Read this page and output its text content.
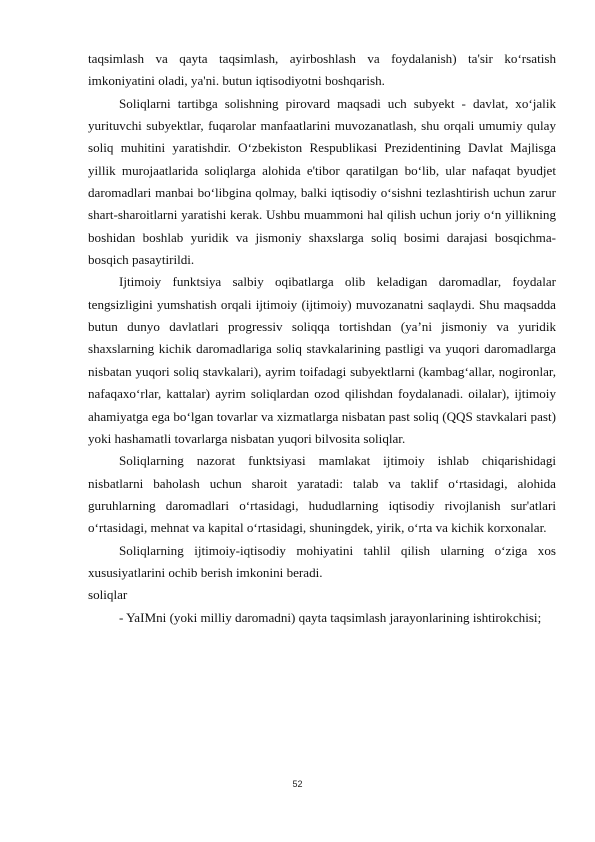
taqsimlash va qayta taqsimlash, ayirboshlash va foydalanish) ta'sir ko‘rsatish imkoniyatini oladi, ya'ni. butun iqtisodiyotni boshqarish.

Soliqlarni tartibga solishning pirovard maqsadi uch subyekt - davlat, xo‘jalik yurituvchi subyektlar, fuqarolar manfaatlarini muvozanatlash, shu orqali umumiy qulay soliq muhitini yaratishdir. O‘zbekiston Respublikasi Prezidentining Davlat Majlisga yillik murojaatlarida soliqlarga alohida e'tibor qaratilgan bo‘lib, ular nafaqat byudjet daromadlari manbai bo‘libgina qolmay, balki iqtisodiy o‘sishni tezlashtirish uchun zarur shart-sharoitlarni yaratishi kerak. Ushbu muammoni hal qilish uchun joriy o‘n yillikning boshidan boshlab yuridik va jismoniy shaxslarga soliq bosimi darajasi bosqichma-bosqich pasaytirildi.

Ijtimoiy funktsiya salbiy oqibatlarga olib keladigan daromadlar, foydalar tengsizligini yumshatish orqali ijtimoiy (ijtimoiy) muvozanatni saqlaydi. Shu maqsadda butun dunyo davlatlari progressiv soliqqa tortishdan (ya’ni jismoniy va yuridik shaxslarning kichik daromadlariga soliq stavkalarining pastligi va yuqori daromadlarga nisbatan yuqori soliq stavkalari), ayrim toifadagi subyektlarni (kambag‘allar, nogironlar, nafaqaxo‘rlar, kattalar) ayrim soliqlardan ozod qilishdan foydalanadi. oilalar), ijtimoiy ahamiyatga ega bo‘lgan tovarlar va xizmatlarga nisbatan past soliq (QQS stavkalari past) yoki hashamatli tovarlarga nisbatan yuqori bilvosita soliqlar.

Soliqlarning nazorat funktsiyasi mamlakat ijtimoiy ishlab chiqarishidagi nisbatlarni baholash uchun sharoit yaratadi: talab va taklif o‘rtasidagi, alohida guruhlarning daromadlari o‘rtasidagi, hududlarning iqtisodiy rivojlanish sur'atlari o‘rtasidagi, mehnat va kapital o‘rtasidagi, shuningdek, yirik, o‘rta va kichik korxonalar.

Soliqlarning ijtimoiy-iqtisodiy mohiyatini tahlil qilish ularning o‘ziga xos xususiyatlarini ochib berish imkonini beradi.

soliqlar

- YaIMni (yoki milliy daromadni) qayta taqsimlash jarayonlarining ishtirokchisi;

52
